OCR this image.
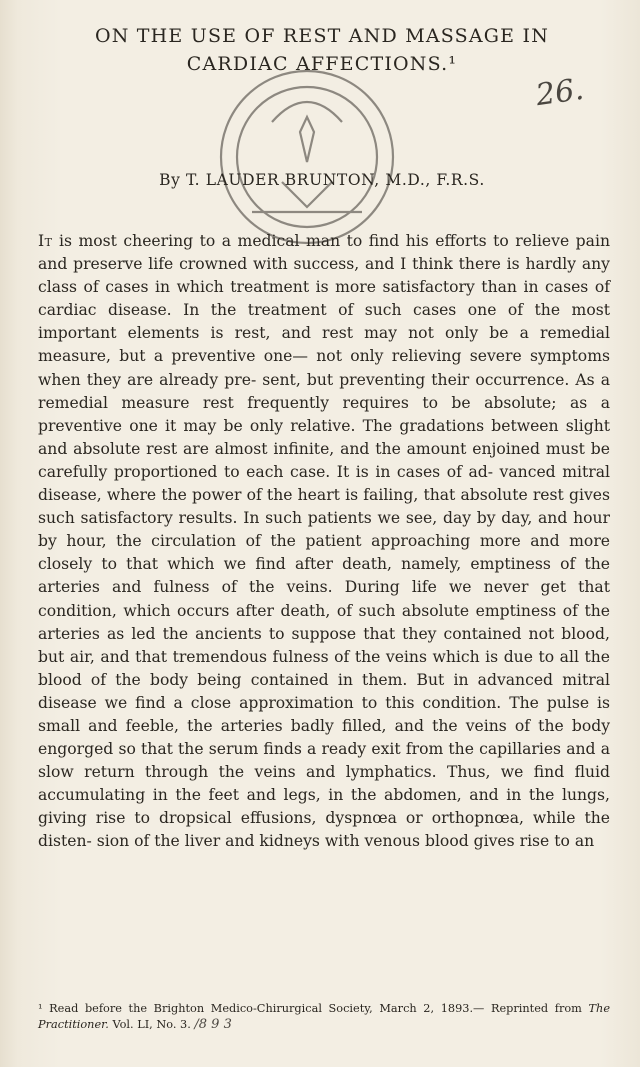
ON THE USE OF REST AND MASSAGE IN
CARDIAC AFFECTIONS.¹
26.
By T. LAUDER BRUNTON, M.D., F.R.S.
It is most cheering to a medical man to find his efforts to relieve pain and preserve life crowned with success, and I think there is hardly any class of cases in which treatment is more satisfactory than in cases of cardiac disease. In the treatment of such cases one of the most important elements is rest, and rest may not only be a remedial measure, but a preventive one— not only relieving severe symptoms when they are already pre- sent, but preventing their occurrence. As a remedial measure rest frequently requires to be absolute; as a preventive one it may be only relative. The gradations between slight and absolute rest are almost infinite, and the amount enjoined must be carefully proportioned to each case. It is in cases of ad- vanced mitral disease, where the power of the heart is failing, that absolute rest gives such satisfactory results. In such patients we see, day by day, and hour by hour, the circulation of the patient approaching more and more closely to that which we find after death, namely, emptiness of the arteries and fulness of the veins. During life we never get that condition, which occurs after death, of such absolute emptiness of the arteries as led the ancients to suppose that they contained not blood, but air, and that tremendous fulness of the veins which is due to all the blood of the body being contained in them. But in advanced mitral disease we find a close approximation to this condition. The pulse is small and feeble, the arteries badly filled, and the veins of the body engorged so that the serum finds a ready exit from the capillaries and a slow return through the veins and lymphatics. Thus, we find fluid accumulating in the feet and legs, in the abdomen, and in the lungs, giving rise to dropsical effusions, dyspnœa or orthopnœa, while the disten- sion of the liver and kidneys with venous blood gives rise to an
¹ Read before the Brighton Medico-Chirurgical Society, March 2, 1893.— Reprinted from The Practitioner. Vol. LI, No. 3. /8 9 3
